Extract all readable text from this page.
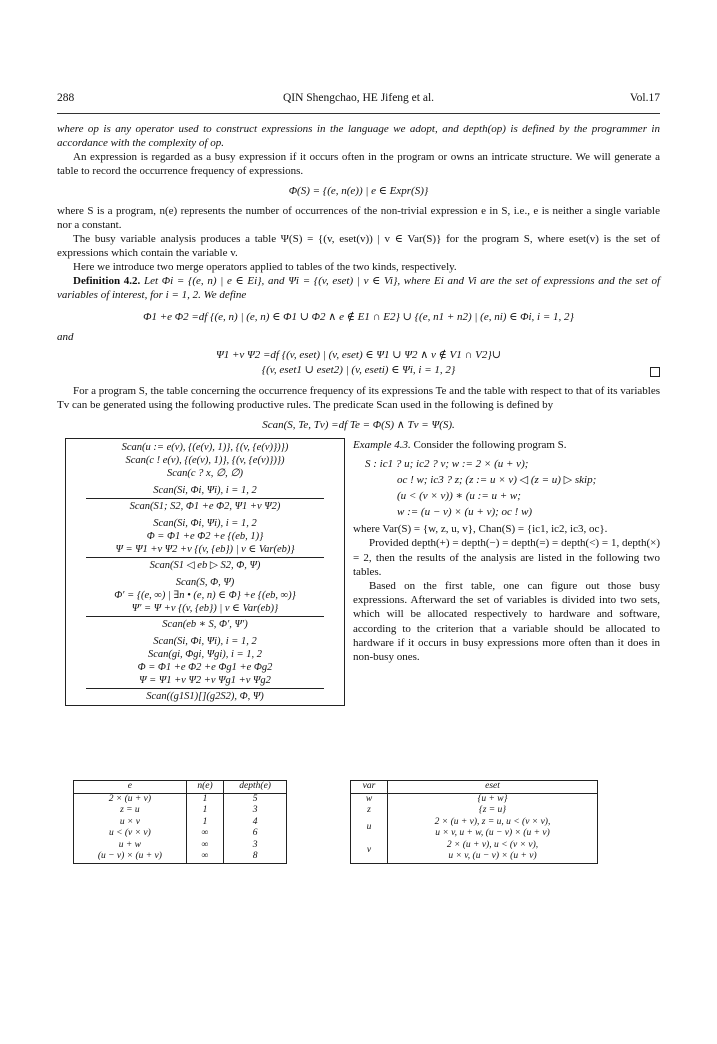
288	QIN Shengchao, HE Jifeng et al.	Vol.17

where op is any operator used to construct expressions in the language we adopt, and depth(op) is defined by the programmer in accordance with the complexity of op.

An expression is regarded as a busy expression if it occurs often in the program or owns an intricate structure. We will generate a table to record the occurrence frequency of expressions.

Φ(S) = {(e, n(e)) | e ∈ Expr(S)}

where S is a program, n(e) represents the number of occurrences of the non-trivial expression e in S, i.e., e is neither a single variable nor a constant.

The busy variable analysis produces a table Ψ(S) = {(v, eset(v)) | v ∈ Var(S)} for the program S, where eset(v) is the set of expressions which contain the variable v.

Here we introduce two merge operators applied to tables of the two kinds, respectively.

Definition 4.2. Let Φi = {(e, n) | e ∈ Ei}, and Ψi = {(v, eset) | v ∈ Vi}, where Ei and Vi are the set of expressions and the set of variables of interest, for i = 1, 2. We define

Φ1 +e Φ2 =df {(e, n) | (e, n) ∈ Φ1 ∪ Φ2 ∧ e ∉ E1 ∩ E2} ∪ {(e, n1 + n2) | (e, ni) ∈ Φi, i = 1, 2}

and

Ψ1 +v Ψ2 =df {(v, eset) | (v, eset) ∈ Ψ1 ∪ Ψ2 ∧ v ∉ V1 ∩ V2}∪
{(v, eset1 ∪ eset2) | (v, eseti) ∈ Ψi, i = 1, 2}

For a program S, the table concerning the occurrence frequency of its expressions Te and the table with respect to that of its variables Tv can be generated using the following productive rules. The predicate Scan used in the following is defined by

Scan(S, Te, Tv) =df Te = Φ(S) ∧ Tv = Ψ(S).
Scan(u := e(v), {(e(v), 1)}, {(v, {e(v)})})
Scan(c ! e(v), {(e(v), 1)}, {(v, {e(v)})})
Scan(c ? x, ∅, ∅)
Scan(Si, Φi, Ψi), i = 1, 2
Scan(S1; S2, Φ1 +e Φ2, Ψ1 +v Ψ2)
Scan(Si, Φi, Ψi), i = 1, 2
Φ = Φ1 +e Φ2 +e {(eb, 1)}
Ψ = Ψ1 +v Ψ2 +v {(v, {eb}) | v ∈ Var(eb)}
Scan(S1 ◁ eb ▷ S2, Φ, Ψ)
Scan(S, Φ, Ψ)
Φ′ = {(e, ∞) | ∃n • (e, n) ∈ Φ} +e {(eb, ∞)}
Ψ′ = Ψ +v {(v, {eb}) | v ∈ Var(eb)}
Scan(eb ∗ S, Φ′, Ψ′)
Scan(Si, Φi, Ψi), i = 1, 2
Scan(gi, Φgi, Ψgi), i = 1, 2
Φ = Φ1 +e Φ2 +e Φg1 +e Φg2
Ψ = Ψ1 +v Ψ2 +v Ψg1 +v Ψg2
Scan((g1S1)[](g2S2), Φ, Ψ)

Example 4.3. Consider the following program S.

S : ic1 ? u; ic2 ? v; w := 2 × (u + v);
oc ! w; ic3 ? z; (z := u × v) ◁ (z = u) ▷ skip;
(u < (v × v)) ∗ (u := u + w;
w := (u − v) × (u + v); oc ! w)

where Var(S) = {w, z, u, v}, Chan(S) = {ic1, ic2, ic3, oc}.

Provided depth(+) = depth(−) = depth(=) = depth(<) = 1, depth(×) = 2, then the results of the analysis are listed in the following two tables.

Based on the first table, one can figure out those busy expressions. Afterward the set of variables is divided into two sets, which will be allocated respectively to hardware and software, according to the criterion that a variable should be allocated to hardware if it occurs in busy expressions more often than it does in non-busy ones.

e	n(e)	depth(e)
2 × (u + v)	1	5
z = u	1	3
u × v	1	4
u < (v × v)	∞	6
u + w	∞	3
(u − v) × (u + v)	∞	8
var	eset
w	{u + w}
z	{z = u}
u	2 × (u + v), z = u, u < (v × v),
u × v, u + w, (u − v) × (u + v)

v	2 × (u + v), u < (v × v),
u × v, (u − v) × (u + v)
